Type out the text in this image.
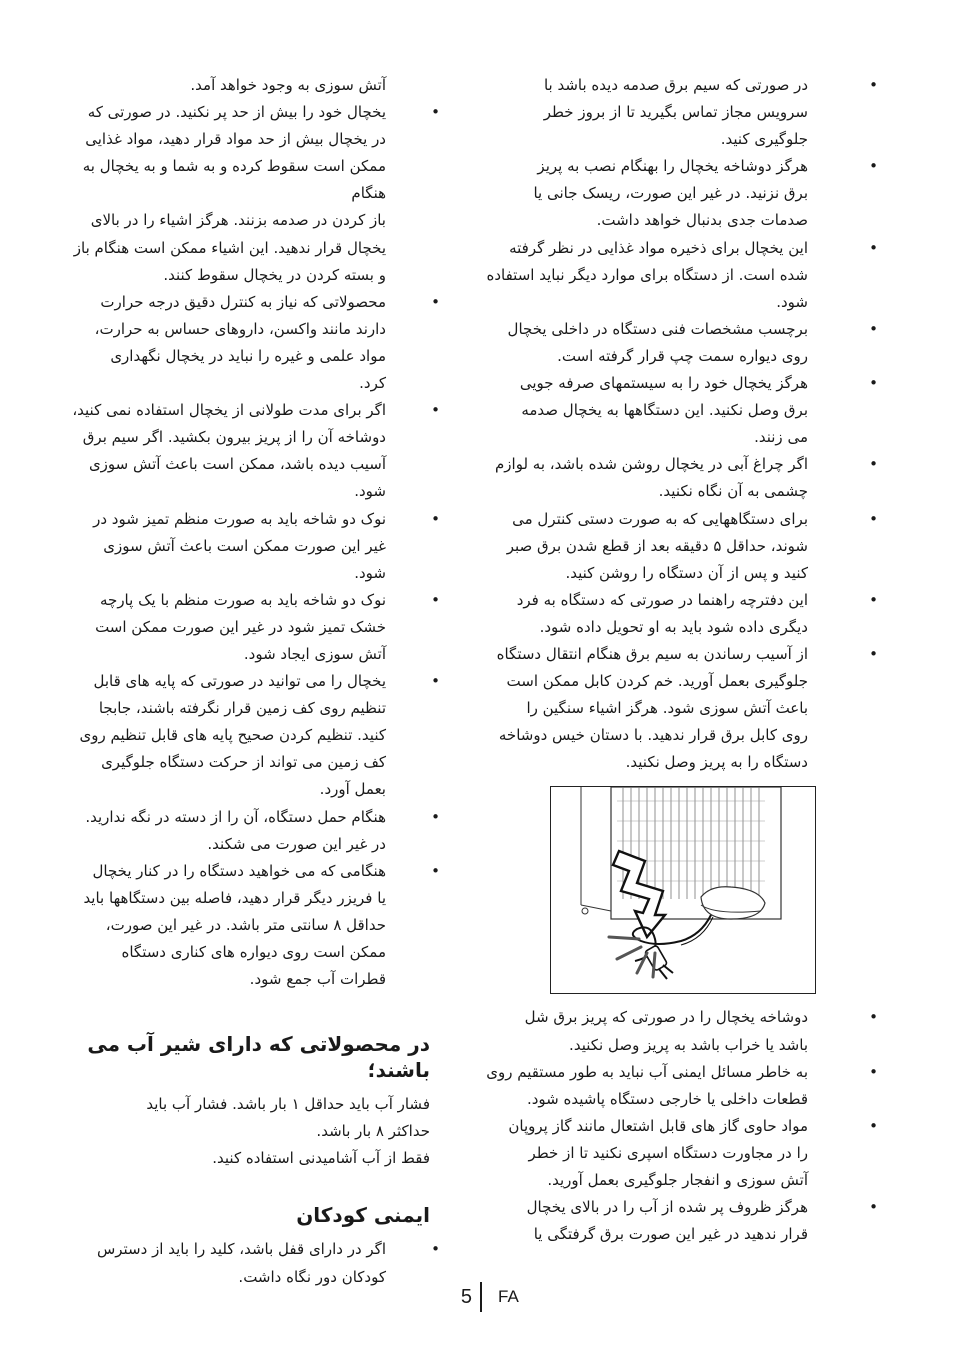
• در صورتی که سیم برق صدمه دیده باشد با
سرویس مجاز تماس بگیرید تا از بروز خطر
جلوگیری کنید.
• هرگز دوشاخه یخچال را بهنگام نصب به پریز
برق نزنید. در غیر این صورت، ریسک جانی یا
صدمات جدی بدنبال خواهد داشت.
• این یخچال برای ذخیره مواد غذایی در نظر گرفته
شده است. از دستگاه برای موارد دیگر نباید استفاده
شود.
• برچسب مشخصات فنی دستگاه در داخلی یخچال
روی دیواره سمت چپ قرار گرفته است.
• هرگز یخچال خود را به سیستمهای صرفه جویی
برق وصل نکنید. این دستگاهها به یخچال صدمه
می زنند.
• اگر چراغ آبی در یخچال روشن شده باشد، به لوازم
چشمی به آن نگاه نکنید.
• برای دستگاههایی که به صورت دستی کنترل می
شوند، حداقل ۵ دقیقه بعد از قطع شدن برق صبر
کنید و پس از آن دستگاه را روشن کنید.
• این دفترچه راهنما در صورتی که دستگاه به فرد
دیگری داده شود باید به او تحویل داده شود.
• از آسیب رساندن به سیم برق هنگام انتقال دستگاه
جلوگیری بعمل آورید. خم کردن کابل ممکن است
باعث آتش سوزی شود. هرگز اشیاء سنگین را
روی کابل برق قرار ندهید. با دستان خیس دوشاخه
دستگاه را به پریز وصل نکنید.
• دوشاخه یخچال را در صورتی که پریز برق شل
باشد یا خراب باشد به پریز وصل نکنید.
• به خاطر مسائل ایمنی آب نباید به طور مستقیم روی
قطعات داخلی یا خارجی دستگاه پاشیده شود.
• مواد حاوی گاز های قابل اشتعال مانند گاز پروپان
را در مجاورت دستگاه اسپری نکنید تا از خطر
آتش سوزی و انفجار جلوگیری بعمل آورید.
• هرگز ظروف پر شده از آب را در بالای یخچال
قرار ندهید در غیر این صورت برق گرفتگی یا
آتش سوزی به وجود خواهد آمد.
• یخچال خود را بیش از حد پر نکنید. در صورتی که
در یخچال بیش از حد مواد قرار دهید، مواد غذایی
ممکن است سقوط کرده و به شما و به یخچال به هنگام
باز کردن در صدمه بزنند. هرگز اشیاء را در بالای
یخچال قرار ندهید. این اشیاء ممکن است هنگام باز
و بسته کردن در یخچال سقوط کنند.
• محصولاتی که نیاز به کنترل دقیق درجه حرارت
دارند مانند واکسن، داروهای حساس به حرارت،
مواد علمی و غیره را نباید در یخچال نگهداری
کرد.
• اگر برای مدت طولانی از یخچال استفاده نمی کنید،
دوشاخه آن را از پریز بیرون بکشید. اگر سیم برق
آسیب دیده باشد، ممکن است باعث آتش سوزی
شود.
• نوک دو شاخه باید به صورت منظم تمیز شود در
غیر این صورت ممکن است باعث آتش سوزی
شود.
• نوک دو شاخه باید به صورت منظم با یک پارچه
خشک تمیز شود در غیر این صورت ممکن است
آتش سوزی ایجاد شود.
• یخچال را می توانید در صورتی که پایه های قابل
تنظیم روی کف زمین قرار نگرفته باشند، جابجا
کنید. تنظیم کردن صحیح پایه های قابل تنظیم روی
کف زمین می تواند از حرکت دستگاه جلوگیری
بعمل آورد.
• هنگام حمل دستگاه، آن را از دسته در نگه ندارید.
در غیر این صورت می شکند.
• هنگامی که می خواهید دستگاه را در کنار یخچال
یا فریزر دیگر قرار دهید، فاصله بین دستگاهها باید
حداقل ۸ سانتی متر باشد. در غیر این صورت،
ممکن است روی دیواره های کناری دستگاه
قطرات آب جمع شود.
در محصولاتی که دارای شیر آب می
باشند؛
فشار آب باید حداقل ۱ بار باشد. فشار آب باید
حداکثر ۸ بار باشد.
فقط از آب آشامیدنی استفاده کنید.
ایمنی کودکان
• اگر در دارای قفل باشد، کلید را باید از دسترس
کودکان دور نگاه داشت.
5 FA
